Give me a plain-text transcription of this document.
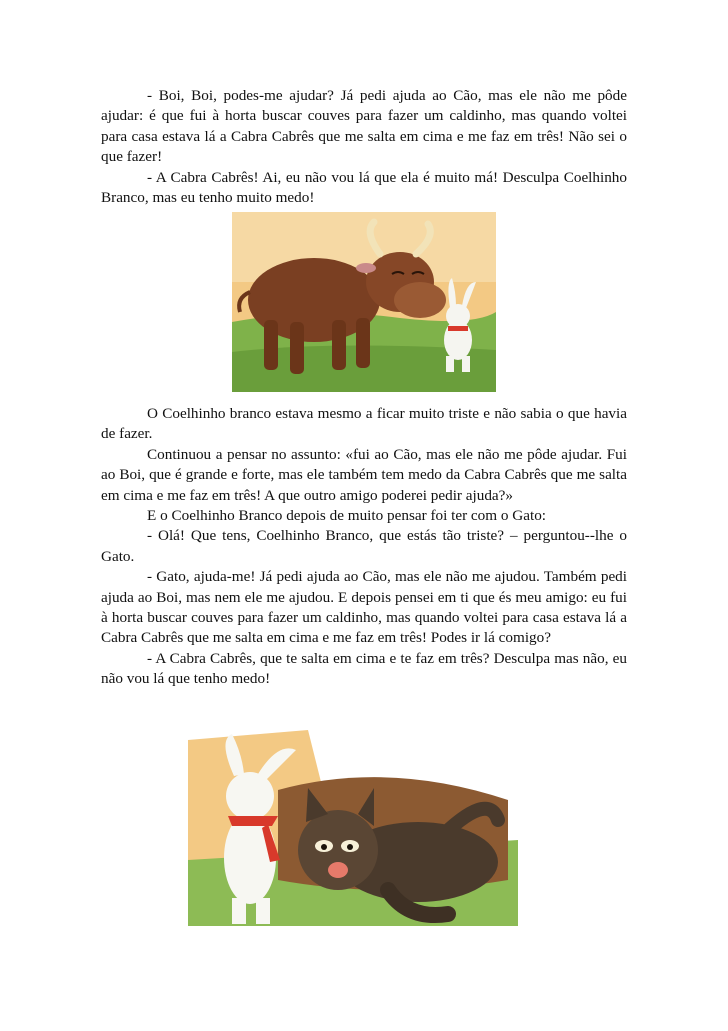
- Boi, Boi, podes-me ajudar? Já pedi ajuda ao Cão, mas ele não me pôde ajudar: é que fui à horta buscar couves para fazer um caldinho, mas quando voltei para casa estava lá a Cabra Cabrês que me salta em cima e me faz em três! Não sei o que fazer!

- A Cabra Cabrês! Ai, eu não vou lá que ela é muito má! Desculpa Coelhinho Branco, mas eu tenho muito medo!

O Coelhinho branco estava mesmo a ficar muito triste e não sabia o que havia de fazer.

Continuou a pensar no assunto: «fui ao Cão, mas ele não me pôde ajudar. Fui ao Boi, que é grande e forte, mas ele também tem medo da Cabra Cabrês que me salta em cima e me faz em três! A que outro amigo poderei pedir ajuda?»

E o Coelhinho Branco depois de muito pensar foi ter com o Gato:

- Olá! Que tens, Coelhinho Branco, que estás tão triste? – perguntou--lhe o Gato.

- Gato, ajuda-me! Já pedi ajuda ao Cão, mas ele não me ajudou. Também pedi ajuda ao Boi, mas nem ele me ajudou. E depois pensei em ti que és meu amigo: eu fui à horta buscar couves para fazer um caldinho, mas quando voltei para casa estava lá a Cabra Cabrês que me salta em cima e me faz em três! Podes ir lá comigo?

- A Cabra Cabrês, que te salta em cima e te faz em três? Desculpa mas não, eu não vou lá que tenho medo!
